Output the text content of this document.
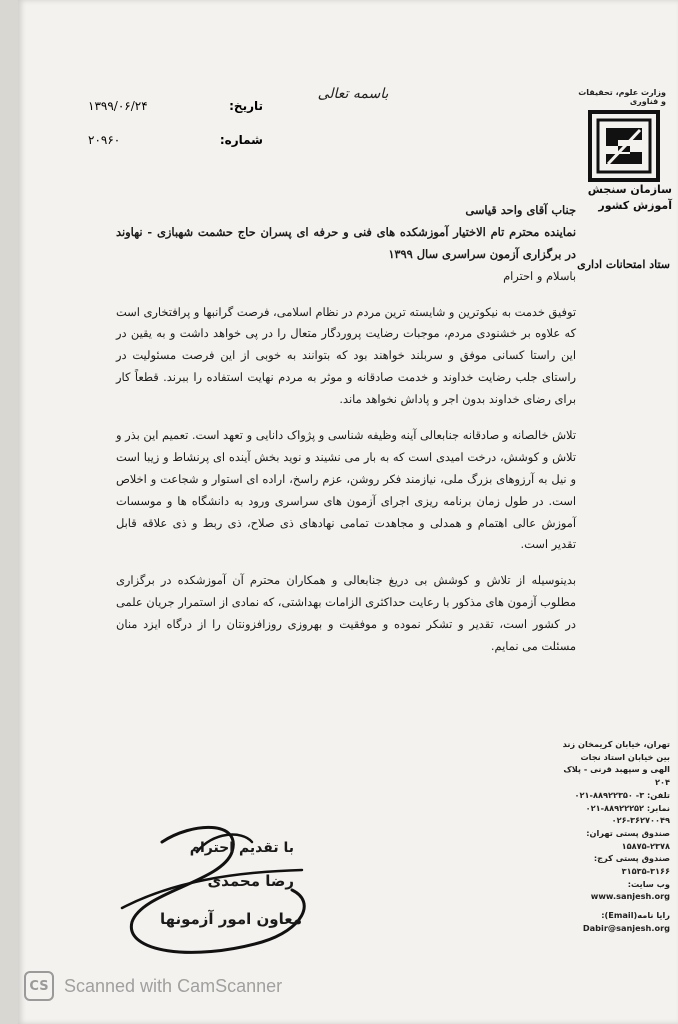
باسمه تعالی
تاریخ:
۱۳۹۹/۰۶/۲۴
شماره:
۲۰۹۶۰
وزارت علوم، تحقیقات و فناوری
سازمان سنجش آموزش کشور
ستاد امتحانات اداری

جناب آقای واحد قیاسی

نماینده محترم تام الاختیار آموزشکده های فنی و حرفه ای پسران حاج حشمت شهبازی - نهاوند در برگزاری آزمون سراسری سال ۱۳۹۹

باسلام و احترام

توفیق خدمت به نیکوترین و شایسته ترین مردم در نظام اسلامی، فرصت گرانبها و پرافتخاری است که علاوه بر خشنودی مردم، موجبات رضایت پروردگار متعال را در پی خواهد داشت و به یقین در این راستا کسانی موفق و سربلند خواهند بود که بتوانند به خوبی از این فرصت مسئولیت در راستای جلب رضایت خداوند و خدمت صادقانه و موثر به مردم نهایت استفاده را ببرند. قطعاً کار برای رضای خداوند بدون اجر و پاداش نخواهد ماند.

تلاش خالصانه و صادقانه جنابعالی آینه وظیفه شناسی و پژواک دانایی و تعهد است. تعمیم این بذر و تلاش و کوشش، درخت امیدی است که به بار می نشیند و نوید بخش آینده ای پرنشاط و زیبا است و نیل به آرزوهای بزرگ ملی، نیازمند فکر روشن، عزم راسخ، اراده ای استوار و شجاعت و اخلاص است. در طول زمان برنامه ریزی اجرای آزمون های سراسری ورود به دانشگاه ها و موسسات آموزش عالی اهتمام و همدلی و مجاهدت تمامی نهادهای ذی صلاح، ذی ربط و ذی علاقه قابل تقدیر است.

بدینوسیله از تلاش و کوشش بی دریغ جنابعالی و همکاران محترم آن آموزشکده در برگزاری مطلوب آزمون های مذکور با رعایت حداکثری الزامات بهداشتی، که نمادی از استمرار جریان علمی در کشور است، تقدیر و تشکر نموده و موفقیت و بهروزی روزافزونتان را از درگاه ایزد منان مسئلت می نمایم.

تهران، خیابان کریمخان زند بین خیابان استاد نجات الهی و سپهبد قرنی - پلاک ۲۰۴
تلفن: ۳- ۸۸۹۲۲۳۵۰-۰۲۱
نمابر: ۸۸۹۲۲۲۵۲-۰۲۱
۰۲۶-۳۶۲۷۰۰۴۹
صندوق پستی تهران:
۱۵۸۷۵-۲۳۷۸
صندوق پستی کرج:
۳۱۵۳۵-۳۱۶۶
وب سایت:
www.sanjesh.org
رایا نامه(Email):
Dabir@sanjesh.org
با تقدیم احترام
رضا محمدی
معاون امور آزمونها
CS Scanned with CamScanner
